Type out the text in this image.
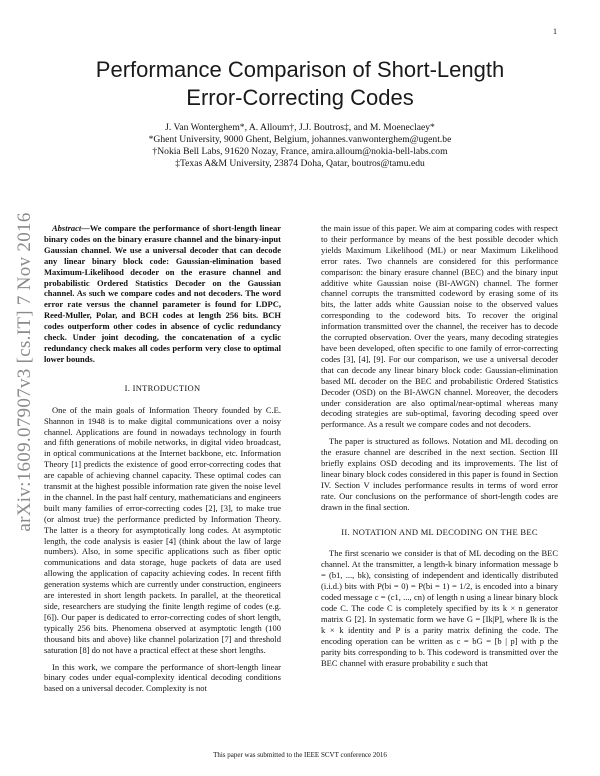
1
arXiv:1609.07907v3 [cs.IT] 7 Nov 2016
Performance Comparison of Short-Length
Error-Correcting Codes
J. Van Wonterghem*, A. Alloum†, J.J. Boutros‡, and M. Moeneclaey*
*Ghent University, 9000 Ghent, Belgium, johannes.vanwonterghem@ugent.be
†Nokia Bell Labs, 91620 Nozay, France, amira.alloum@nokia-bell-labs.com
‡Texas A&M University, 23874 Doha, Qatar, boutros@tamu.edu

Abstract—We compare the performance of short-length linear binary codes on the binary erasure channel and the binary-input Gaussian channel. We use a universal decoder that can decode any linear binary block code: Gaussian-elimination based Maximum-Likelihood decoder on the erasure channel and probabilistic Ordered Statistics Decoder on the Gaussian channel. As such we compare codes and not decoders. The word error rate versus the channel parameter is found for LDPC, Reed-Muller, Polar, and BCH codes at length 256 bits. BCH codes outperform other codes in absence of cyclic redundancy check. Under joint decoding, the concatenation of a cyclic redundancy check makes all codes perform very close to optimal lower bounds.

I. INTRODUCTION

One of the main goals of Information Theory founded by C.E. Shannon in 1948 is to make digital communications over a noisy channel. Applications are found in nowadays technology in fourth and fifth generations of mobile networks, in digital video broadcast, in optical communications at the Internet backbone, etc. Information Theory [1] predicts the existence of good error-correcting codes that are capable of achieving channel capacity. These optimal codes can transmit at the highest possible information rate given the noise level in the channel. In the past half century, mathematicians and engineers built many families of error-correcting codes [2], [3], to make true (or almost true) the performance predicted by Information Theory. The latter is a theory for asymptotically long codes. At asymptotic length, the code analysis is easier [4] (think about the law of large numbers). Also, in some specific applications such as fiber optic communications and data storage, huge packets of data are used allowing the application of capacity achieving codes. In recent fifth generation systems which are currently under construction, engineers are interested in short length packets. In parallel, at the theoretical side, researchers are studying the finite length regime of codes (e.g. [6]). Our paper is dedicated to error-correcting codes of short length, typically 256 bits. Phenomena observed at asymptotic length (100 thousand bits and above) like channel polarization [7] and threshold saturation [8] do not have a practical effect at these short lengths.

In this work, we compare the performance of short-length linear binary codes under equal-complexity identical decoding conditions based on a universal decoder. Complexity is not

the main issue of this paper. We aim at comparing codes with respect to their performance by means of the best possible decoder which yields Maximum Likelihood (ML) or near Maximum Likelihood error rates. Two channels are considered for this performance comparison: the binary erasure channel (BEC) and the binary input additive white Gaussian noise (BI-AWGN) channel. The former channel corrupts the transmitted codeword by erasing some of its bits, the latter adds white Gaussian noise to the observed values corresponding to the codeword bits. To recover the original information transmitted over the channel, the receiver has to decode the corrupted observation. Over the years, many decoding strategies have been developed, often specific to one family of error-correcting codes [3], [4], [9]. For our comparison, we use a universal decoder that can decode any linear binary block code: Gaussian-elimination based ML decoder on the BEC and probabilistic Ordered Statistics Decoder (OSD) on the BI-AWGN channel. Moreover, the decoders under consideration are also optimal/near-optimal whereas many decoding strategies are sub-optimal, favoring decoding speed over performance. As a result we compare codes and not decoders.

The paper is structured as follows. Notation and ML decoding on the erasure channel are described in the next section. Section III briefly explains OSD decoding and its improvements. The list of linear binary block codes considered in this paper is found in Section IV. Section V includes performance results in terms of word error rate. Our conclusions on the performance of short-length codes are drawn in the final section.

II. NOTATION AND ML DECODING ON THE BEC

The first scenario we consider is that of ML decoding on the BEC channel. At the transmitter, a length-k binary information message b = (b1, ..., bk), consisting of independent and identically distributed (i.i.d.) bits with P(bi = 0) = P(bi = 1) = 1/2, is encoded into a binary coded message c = (c1, ..., cn) of length n using a linear binary block code C. The code C is completely specified by its k × n generator matrix G [2]. In systematic form we have G = [Ik|P], where Ik is the k × k identity and P is a parity matrix defining the code. The encoding operation can be written as c = bG = [b | p] with p the parity bits corresponding to b. This codeword is transmitted over the BEC channel with erasure probability ε such that

This paper was submitted to the IEEE SCVT conference 2016
